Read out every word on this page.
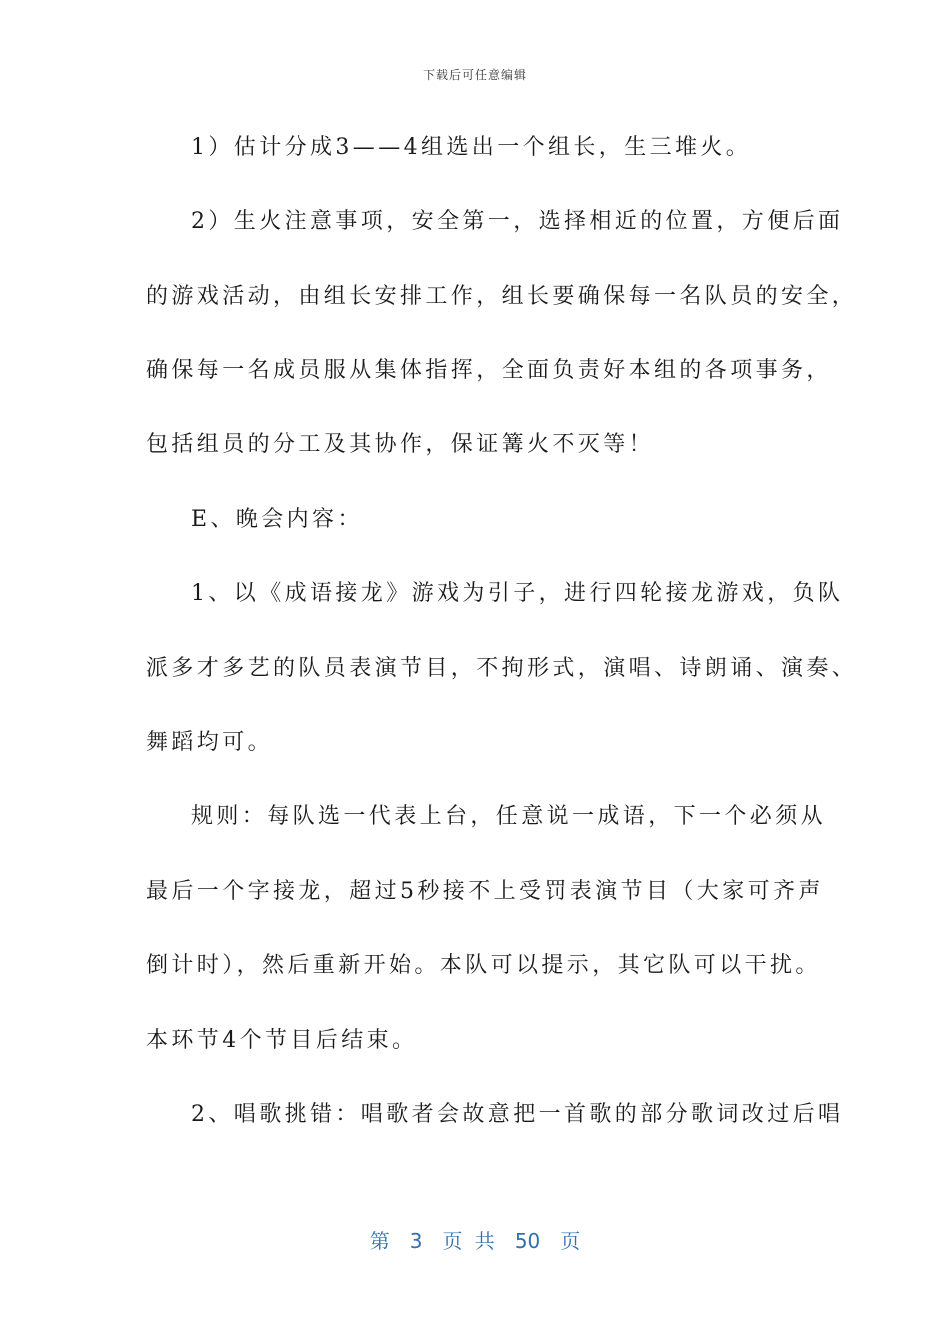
下载后可任意编辑
1）估计分成3——4组选出一个组长，生三堆火。
2）生火注意事项，安全第一，选择相近的位置，方便后面
的游戏活动，由组长安排工作，组长要确保每一名队员的安全，
确保每一名成员服从集体指挥，全面负责好本组的各项事务，
包括组员的分工及其协作，保证篝火不灭等！
E、晚会内容：
1、以《成语接龙》游戏为引子，进行四轮接龙游戏，负队
派多才多艺的队员表演节目，不拘形式，演唱、诗朗诵、演奏、
舞蹈均可。
规则：每队选一代表上台，任意说一成语，下一个必须从
最后一个字接龙，超过5秒接不上受罚表演节目（大家可齐声
倒计时），然后重新开始。本队可以提示，其它队可以干扰。
本环节4个节目后结束。
2、唱歌挑错：唱歌者会故意把一首歌的部分歌词改过后唱
第 3 页 共 50 页
